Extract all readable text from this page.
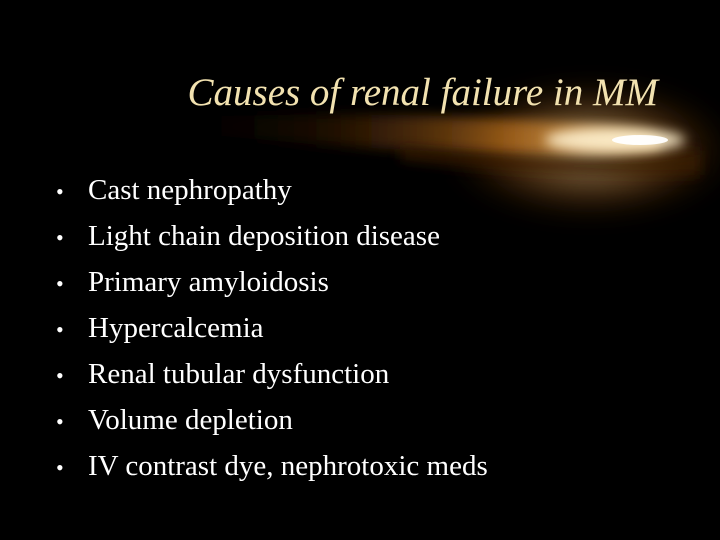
Causes of renal failure in MM
• Cast nephropathy
• Light chain deposition disease
• Primary amyloidosis
• Hypercalcemia
• Renal tubular dysfunction
• Volume depletion
• IV contrast dye, nephrotoxic meds
